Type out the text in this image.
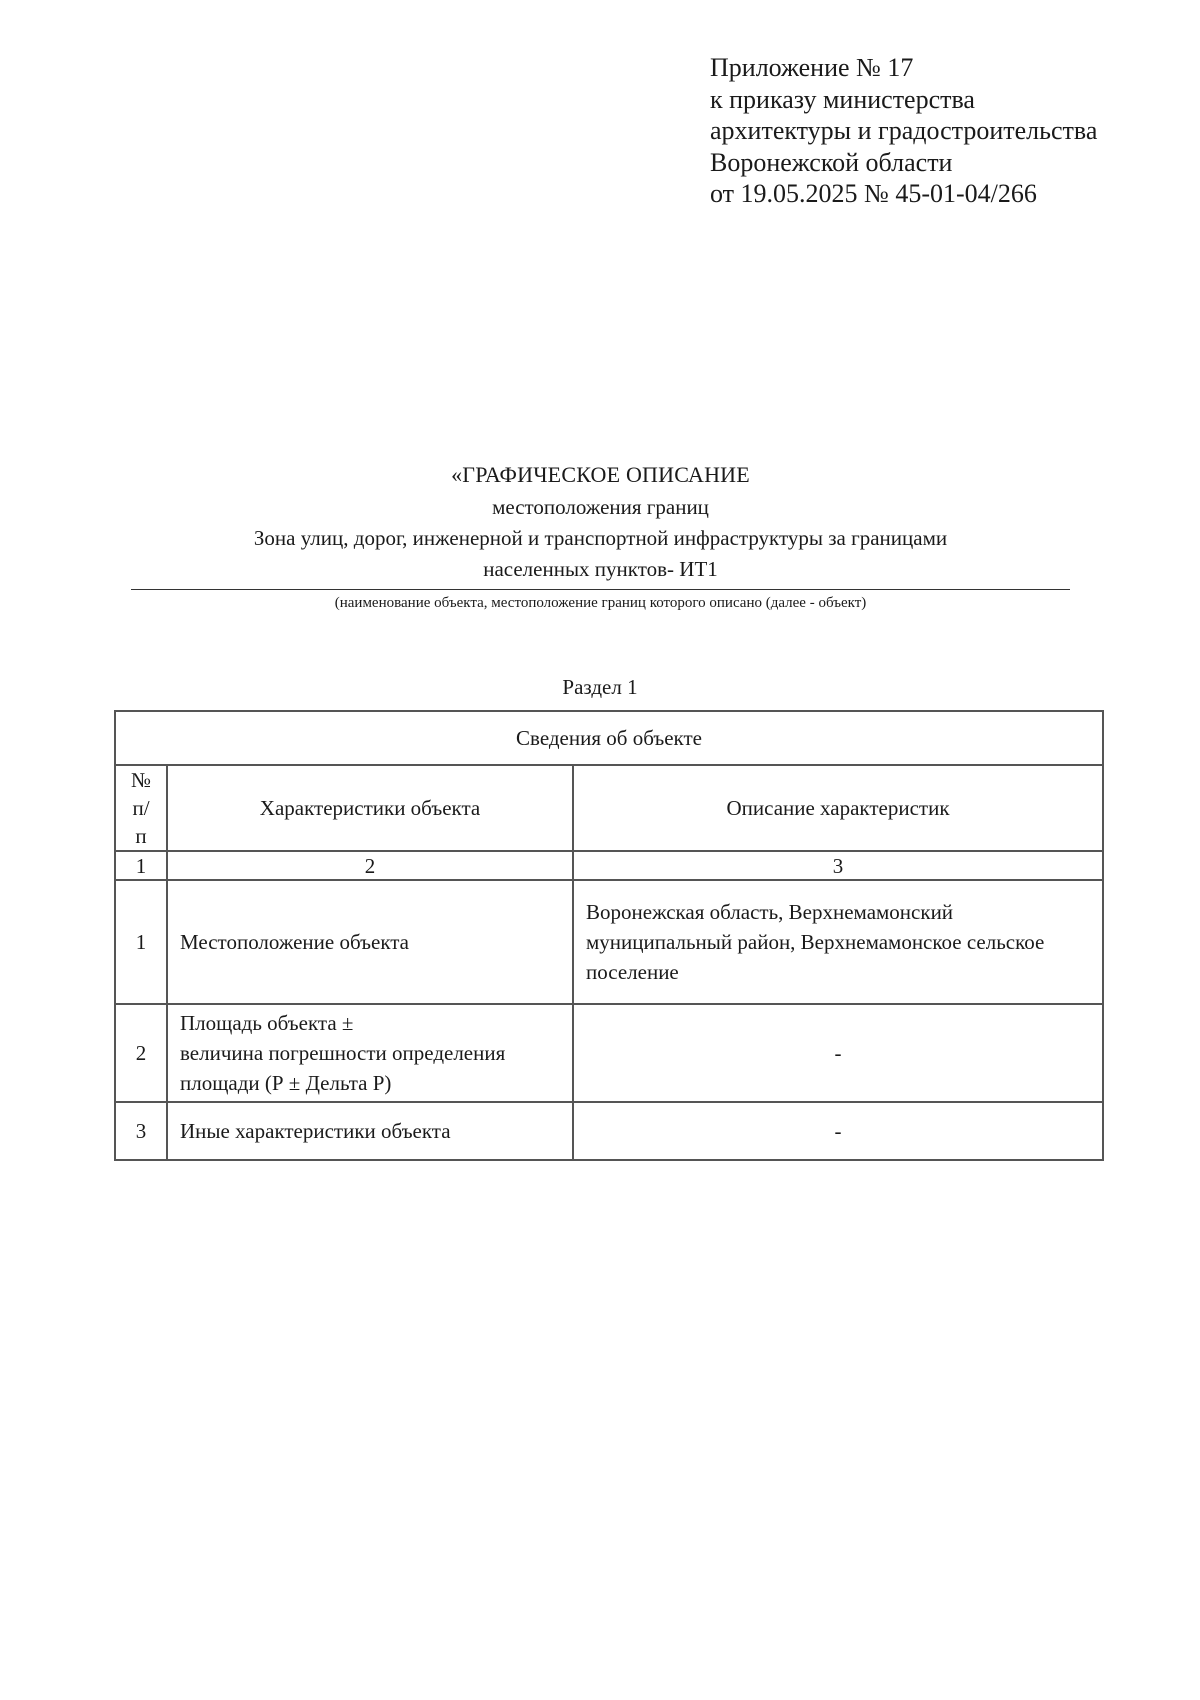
Приложение № 17
к приказу министерства
архитектуры и градостроительства
Воронежской области
от 19.05.2025 № 45-01-04/266
«ГРАФИЧЕСКОЕ ОПИСАНИЕ
местоположения границ
Зона улиц, дорог, инженерной и транспортной инфраструктуры за границами
населенных пунктов- ИТ1
(наименование объекта, местоположение границ которого описано (далее - объект)
Раздел 1
Сведения об объекте		

№
п/п	Характеристики объекта	Описание характеристик
1	2	3
1	Местоположение объекта	Воронежская область, Верхнемамонский муниципальный район, Верхнемамонское сельское поселение
2	Площадь объекта ±
величина погрешности определения
площади (Р ± Дельта Р)	-
3	Иные характеристики объекта	-
